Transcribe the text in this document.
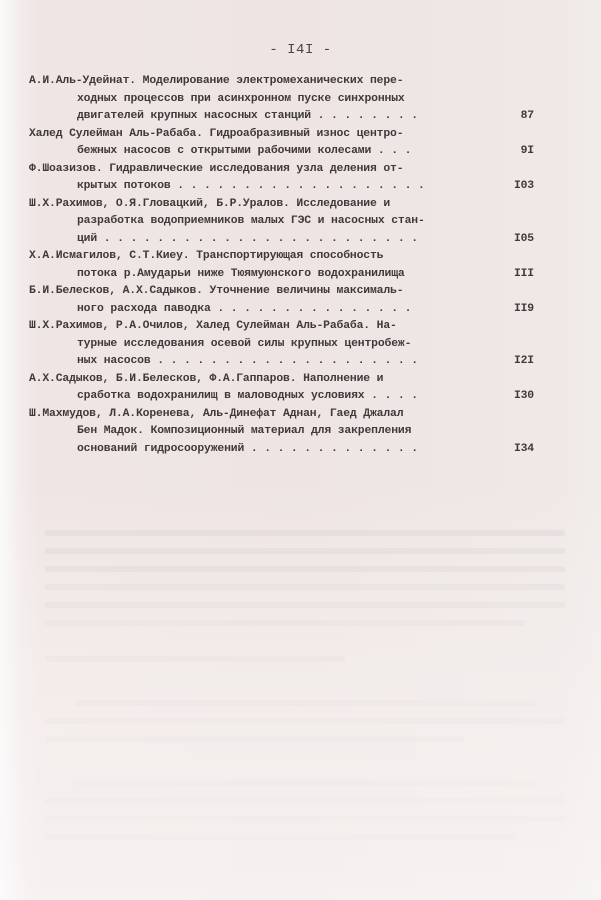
- I4I -
А.И.Аль-Удейнат. Моделирование электромеханических пере-
ходных процессов при асинхронном пуске синхронных
двигателей крупных насосных станций . . . . . . . .	87
Халед Сулейман Аль-Рабаба. Гидроабразивный износ центро-
бежных насосов с открытыми рабочими колесами . . .	9I
Ф.Шоазизов. Гидравлические исследования узла деления от-
крытых потоков . . . . . . . . . . . . . . . . . . .	I03
Ш.Х.Рахимов, О.Я.Гловацкий, Б.Р.Уралов. Исследование и
разработка водоприемников малых ГЭС и насосных стан-
ций . . . . . . . . . . . . . . . . . . . . . . . .	I05
Х.А.Исмагилов, С.Т.Киеу. Транспортирующая способность
потока р.Амударьи ниже Тюямуюнского водохранилища	III
Б.И.Белесков, А.Х.Садыков. Уточнение величины максималь-
ного расхода паводка . . . . . . . . . . . . . . .	II9
Ш.Х.Рахимов, Р.А.Очилов, Халед Сулейман Аль-Рабаба. На-
турные исследования осевой силы крупных центробеж-
ных насосов . . . . . . . . . . . . . . . . . . . .	I2I
А.Х.Садыков, Б.И.Белесков, Ф.А.Гаппаров. Наполнение и
сработка водохранилищ в маловодных условиях . . . .	I30
Ш.Махмудов, Л.А.Коренева, Аль-Динефат Аднан, Гаед Джалал
Бен Мадок. Композиционный материал для закрепления
оснований гидросооружений . . . . . . . . . . . . .	I34
